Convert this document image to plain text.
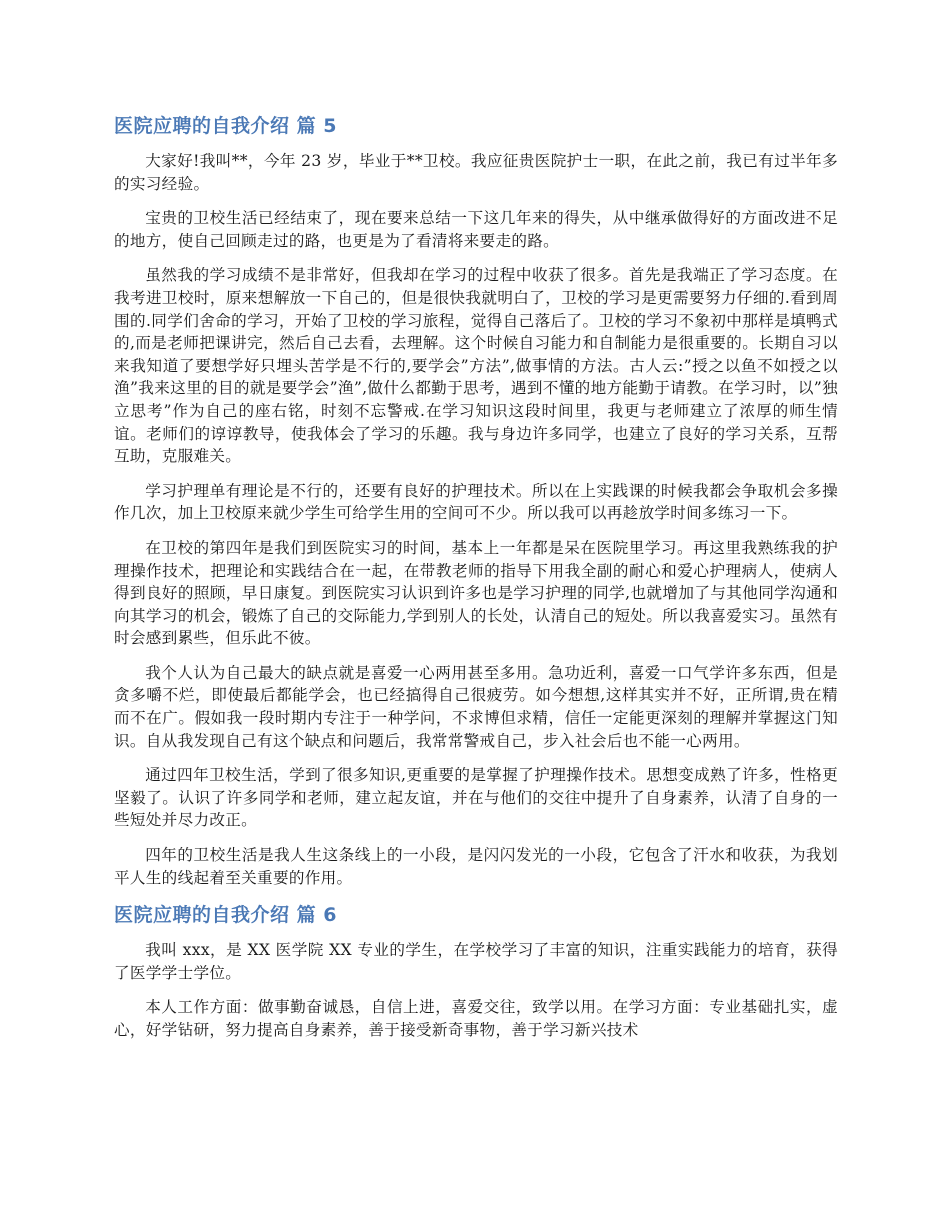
医院应聘的自我介绍 篇 5

大家好!我叫**，今年 23 岁，毕业于**卫校。我应征贵医院护士一职，在此之前，我已有过半年多的实习经验。

宝贵的卫校生活已经结束了，现在要来总结一下这几年来的得失，从中继承做得好的方面改进不足的地方，使自己回顾走过的路，也更是为了看清将来要走的路。

虽然我的学习成绩不是非常好，但我却在学习的过程中收获了很多。首先是我端正了学习态度。在我考进卫校时，原来想解放一下自己的，但是很快我就明白了，卫校的学习是更需要努力仔细的.看到周围的.同学们舍命的学习，开始了卫校的学习旅程，觉得自己落后了。卫校的学习不象初中那样是填鸭式的,而是老师把课讲完，然后自己去看，去理解。这个时候自习能力和自制能力是很重要的。长期自习以来我知道了要想学好只埋头苦学是不行的,要学会”方法”,做事情的方法。古人云:”授之以鱼不如授之以渔”我来这里的目的就是要学会”渔”,做什么都勤于思考，遇到不懂的地方能勤于请教。在学习时，以”独立思考”作为自己的座右铭，时刻不忘警戒.在学习知识这段时间里，我更与老师建立了浓厚的师生情谊。老师们的谆谆教导，使我体会了学习的乐趣。我与身边许多同学，也建立了良好的学习关系，互帮互助，克服难关。

学习护理单有理论是不行的，还要有良好的护理技术。所以在上实践课的时候我都会争取机会多操作几次，加上卫校原来就少学生可给学生用的空间可不少。所以我可以再趁放学时间多练习一下。

在卫校的第四年是我们到医院实习的时间，基本上一年都是呆在医院里学习。再这里我熟练我的护理操作技术，把理论和实践结合在一起，在带教老师的指导下用我全副的耐心和爱心护理病人，使病人得到良好的照顾，早日康复。到医院实习认识到许多也是学习护理的同学,也就增加了与其他同学沟通和向其学习的机会，锻炼了自己的交际能力,学到别人的长处，认清自己的短处。所以我喜爱实习。虽然有时会感到累些，但乐此不彼。

我个人认为自己最大的缺点就是喜爱一心两用甚至多用。急功近利，喜爱一口气学许多东西，但是贪多嚼不烂，即使最后都能学会，也已经搞得自己很疲劳。如今想想,这样其实并不好，正所谓,贵在精而不在广。假如我一段时期内专注于一种学问，不求博但求精，信任一定能更深刻的理解并掌握这门知识。自从我发现自己有这个缺点和问题后，我常常警戒自己，步入社会后也不能一心两用。

通过四年卫校生活，学到了很多知识,更重要的是掌握了护理操作技术。思想变成熟了许多，性格更坚毅了。认识了许多同学和老师，建立起友谊，并在与他们的交往中提升了自身素养，认清了自身的一些短处并尽力改正。

四年的卫校生活是我人生这条线上的一小段，是闪闪发光的一小段，它包含了汗水和收获，为我划平人生的线起着至关重要的作用。

医院应聘的自我介绍 篇 6

我叫 xxx，是 XX 医学院 XX 专业的学生，在学校学习了丰富的知识，注重实践能力的培育，获得了医学学士学位。

本人工作方面：做事勤奋诚恳，自信上进，喜爱交往，致学以用。在学习方面：专业基础扎实，虚心，好学钻研，努力提高自身素养，善于接受新奇事物，善于学习新兴技术
